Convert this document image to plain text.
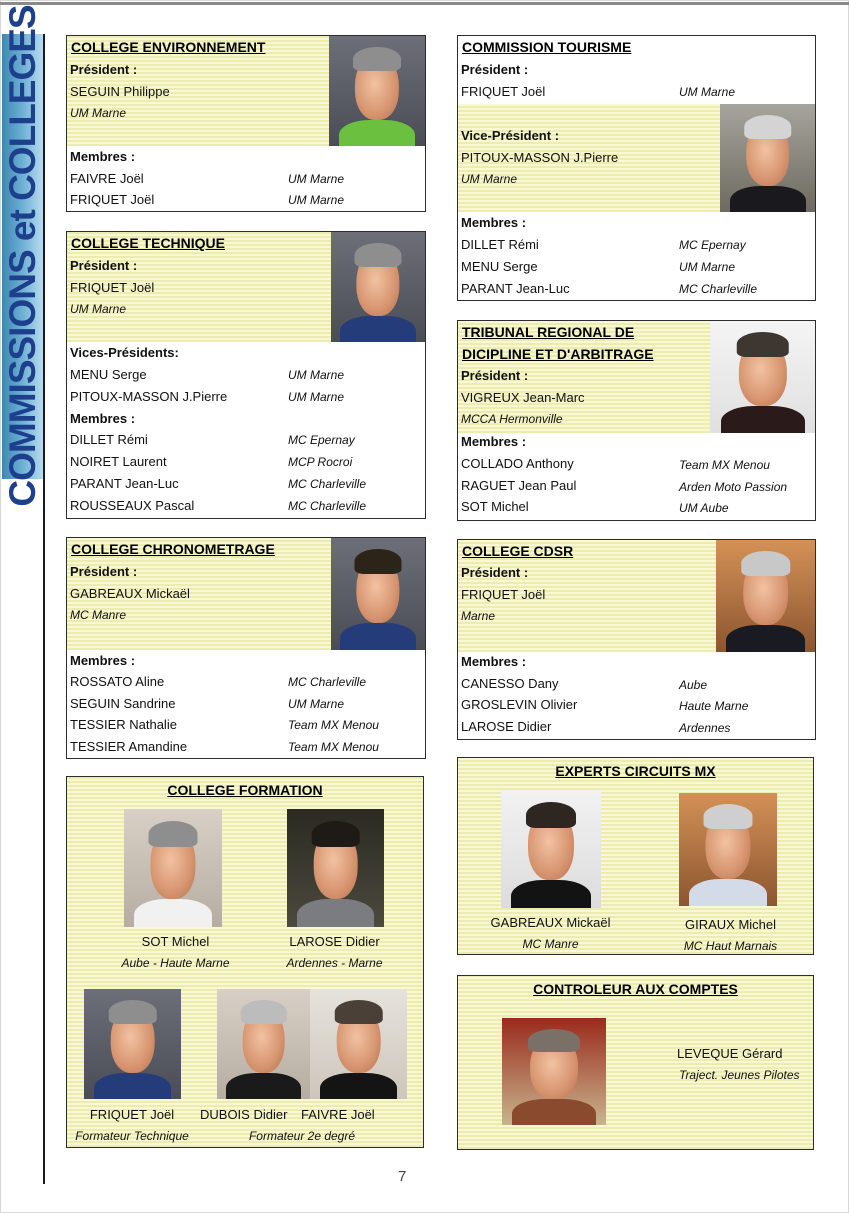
COMMISSIONS et COLLEGES COLLEGE ENVIRONNEMENT
Président :
SEGUIN Philippe
UM Marne
Membres :
FAIVRE Joël	UM Marne
FRIQUET Joël	UM Marne
COLLEGE TECHNIQUE
Président :
FRIQUET Joël
UM Marne
Vices-Présidents:
MENU Serge	UM Marne
PITOUX-MASSON J.Pierre	UM Marne
Membres :
DILLET Rémi	MC Epernay
NOIRET Laurent	MCP Rocroi
PARANT Jean-Luc	MC Charleville
ROUSSEAUX Pascal	MC Charleville
COLLEGE CHRONOMETRAGE
Président :
GABREAUX Mickaël
MC Manre
Membres :
ROSSATO Aline	MC Charleville
SEGUIN Sandrine	UM Marne
TESSIER Nathalie	Team MX Menou
TESSIER Amandine	Team MX Menou
COLLEGE FORMATION
SOT Michel
Aube - Haute Marne
LAROSE Didier
Ardennes - Marne
FRIQUET Joël
Formateur Technique
DUBOIS Didier FAIVRE Joël
Formateur 2e degré
COMMISSION TOURISME
Président :
FRIQUET Joël	UM Marne
Vice-Président :
PITOUX-MASSON J.Pierre
UM Marne
Membres :
DILLET Rémi	MC Epernay
MENU Serge	UM Marne
PARANT Jean-Luc	MC Charleville
TRIBUNAL REGIONAL DE
DICIPLINE ET D'ARBITRAGE
Président :
VIGREUX Jean-Marc
MCCA Hermonville
Membres :
COLLADO Anthony	Team MX Menou
RAGUET Jean Paul	Arden Moto Passion
SOT Michel	UM Aube
COLLEGE CDSR
Président :
FRIQUET Joël
Marne
Membres :
CANESSO Dany	Aube
GROSLEVIN Olivier	Haute Marne
LAROSE Didier	Ardennes
EXPERTS CIRCUITS MX
GABREAUX Mickaël
MC Manre
GIRAUX Michel
MC Haut Marnais
CONTROLEUR AUX COMPTES
LEVEQUE Gérard
Traject. Jeunes Pilotes
7
